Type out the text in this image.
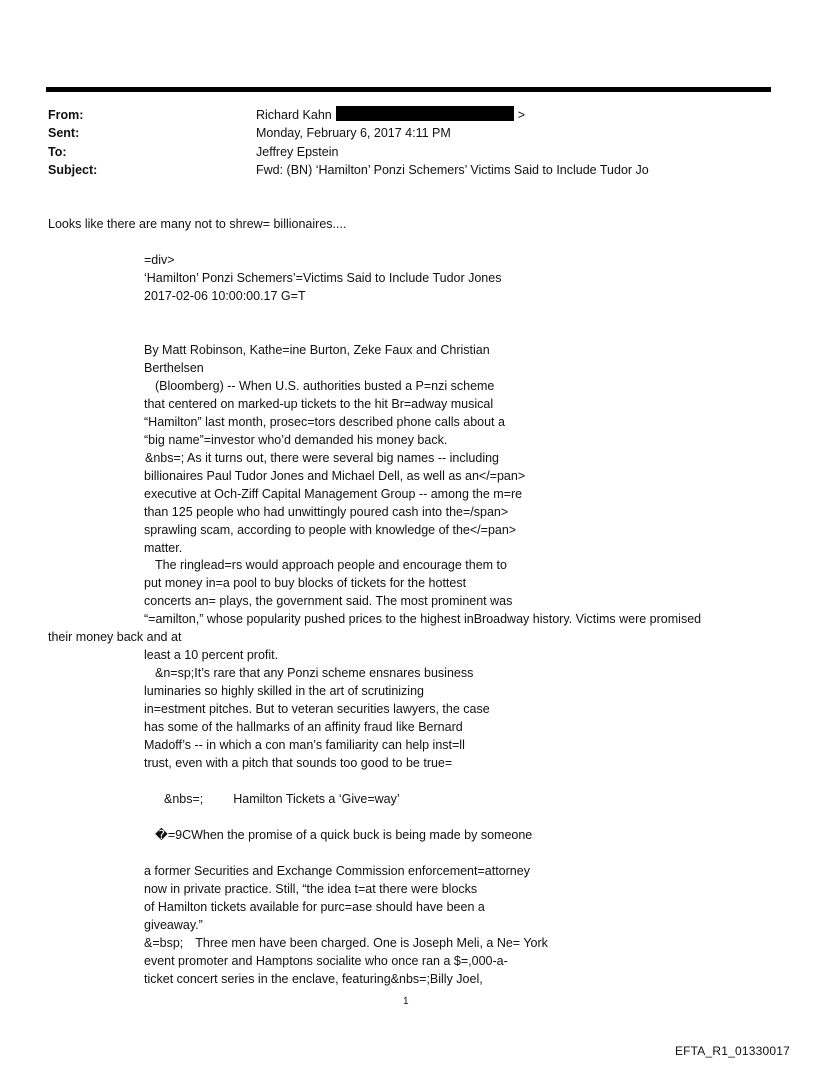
From:	Richard Kahn	>
Sent:	Monday, February 6, 2017 4:11 PM
To:	Jeffrey Epstein
Subject:	Fwd: (BN) ‘Hamilton’ Ponzi Schemers’ Victims Said to Include Tudor Jo
Looks like there are many not to shrew= billionaires....
=div>
‘Hamilton’ Ponzi Schemers’=Victims Said to Include Tudor Jones
2017-02-06 10:00:00.17 G=T
By Matt Robinson, Kathe=ine Burton, Zeke Faux and Christian
Berthelsen
(Bloomberg) -- When U.S. authorities busted a P=nzi scheme
that centered on marked-up tickets to the hit Br=adway musical
“Hamilton” last month, prosec=tors described phone calls about a
“big name”=investor who’d demanded his money back.
&nbs=; As it turns out, there were several big names -- including
billionaires Paul Tudor Jones and Michael Dell, as well as an</=pan>
executive at Och-Ziff Capital Management Group -- among the m=re
than 125 people who had unwittingly poured cash into the=/span>
sprawling scam, according to people with knowledge of the</=pan>
matter.
The ringlead=rs would approach people and encourage them to
put money in=a pool to buy blocks of tickets for the hottest
concerts an= plays, the government said. The most prominent was
“=amilton,” whose popularity pushed prices to the highest inBroadway history. Victims were promised
their money back and at
least a 10 percent profit.
&n=sp;It’s rare that any Ponzi scheme ensnares business
luminaries so highly skilled in the art of scrutinizing
in=estment pitches. But to veteran securities lawyers, the case
has some of the hallmarks of an affinity fraud like Bernard
Madoff’s -- in which a con man’s familiarity can help inst=ll
trust, even with a pitch that sounds too good to be true=
&nbs=; Hamilton Tickets a ‘Give=way’
�=9CWhen the promise of a quick buck is being made by someone
a former Securities and Exchange Commission enforcement=attorney
now in private practice. Still, “the idea t=at there were blocks
of Hamilton tickets available for purc=ase should have been a
giveaway.”
&=bsp; Three men have been charged. One is Joseph Meli, a Ne= York
event promoter and Hamptons socialite who once ran a $=,000-a-
ticket concert series in the enclave, featuring&nbs=;Billy Joel,
1
EFTA_R1_01330017
